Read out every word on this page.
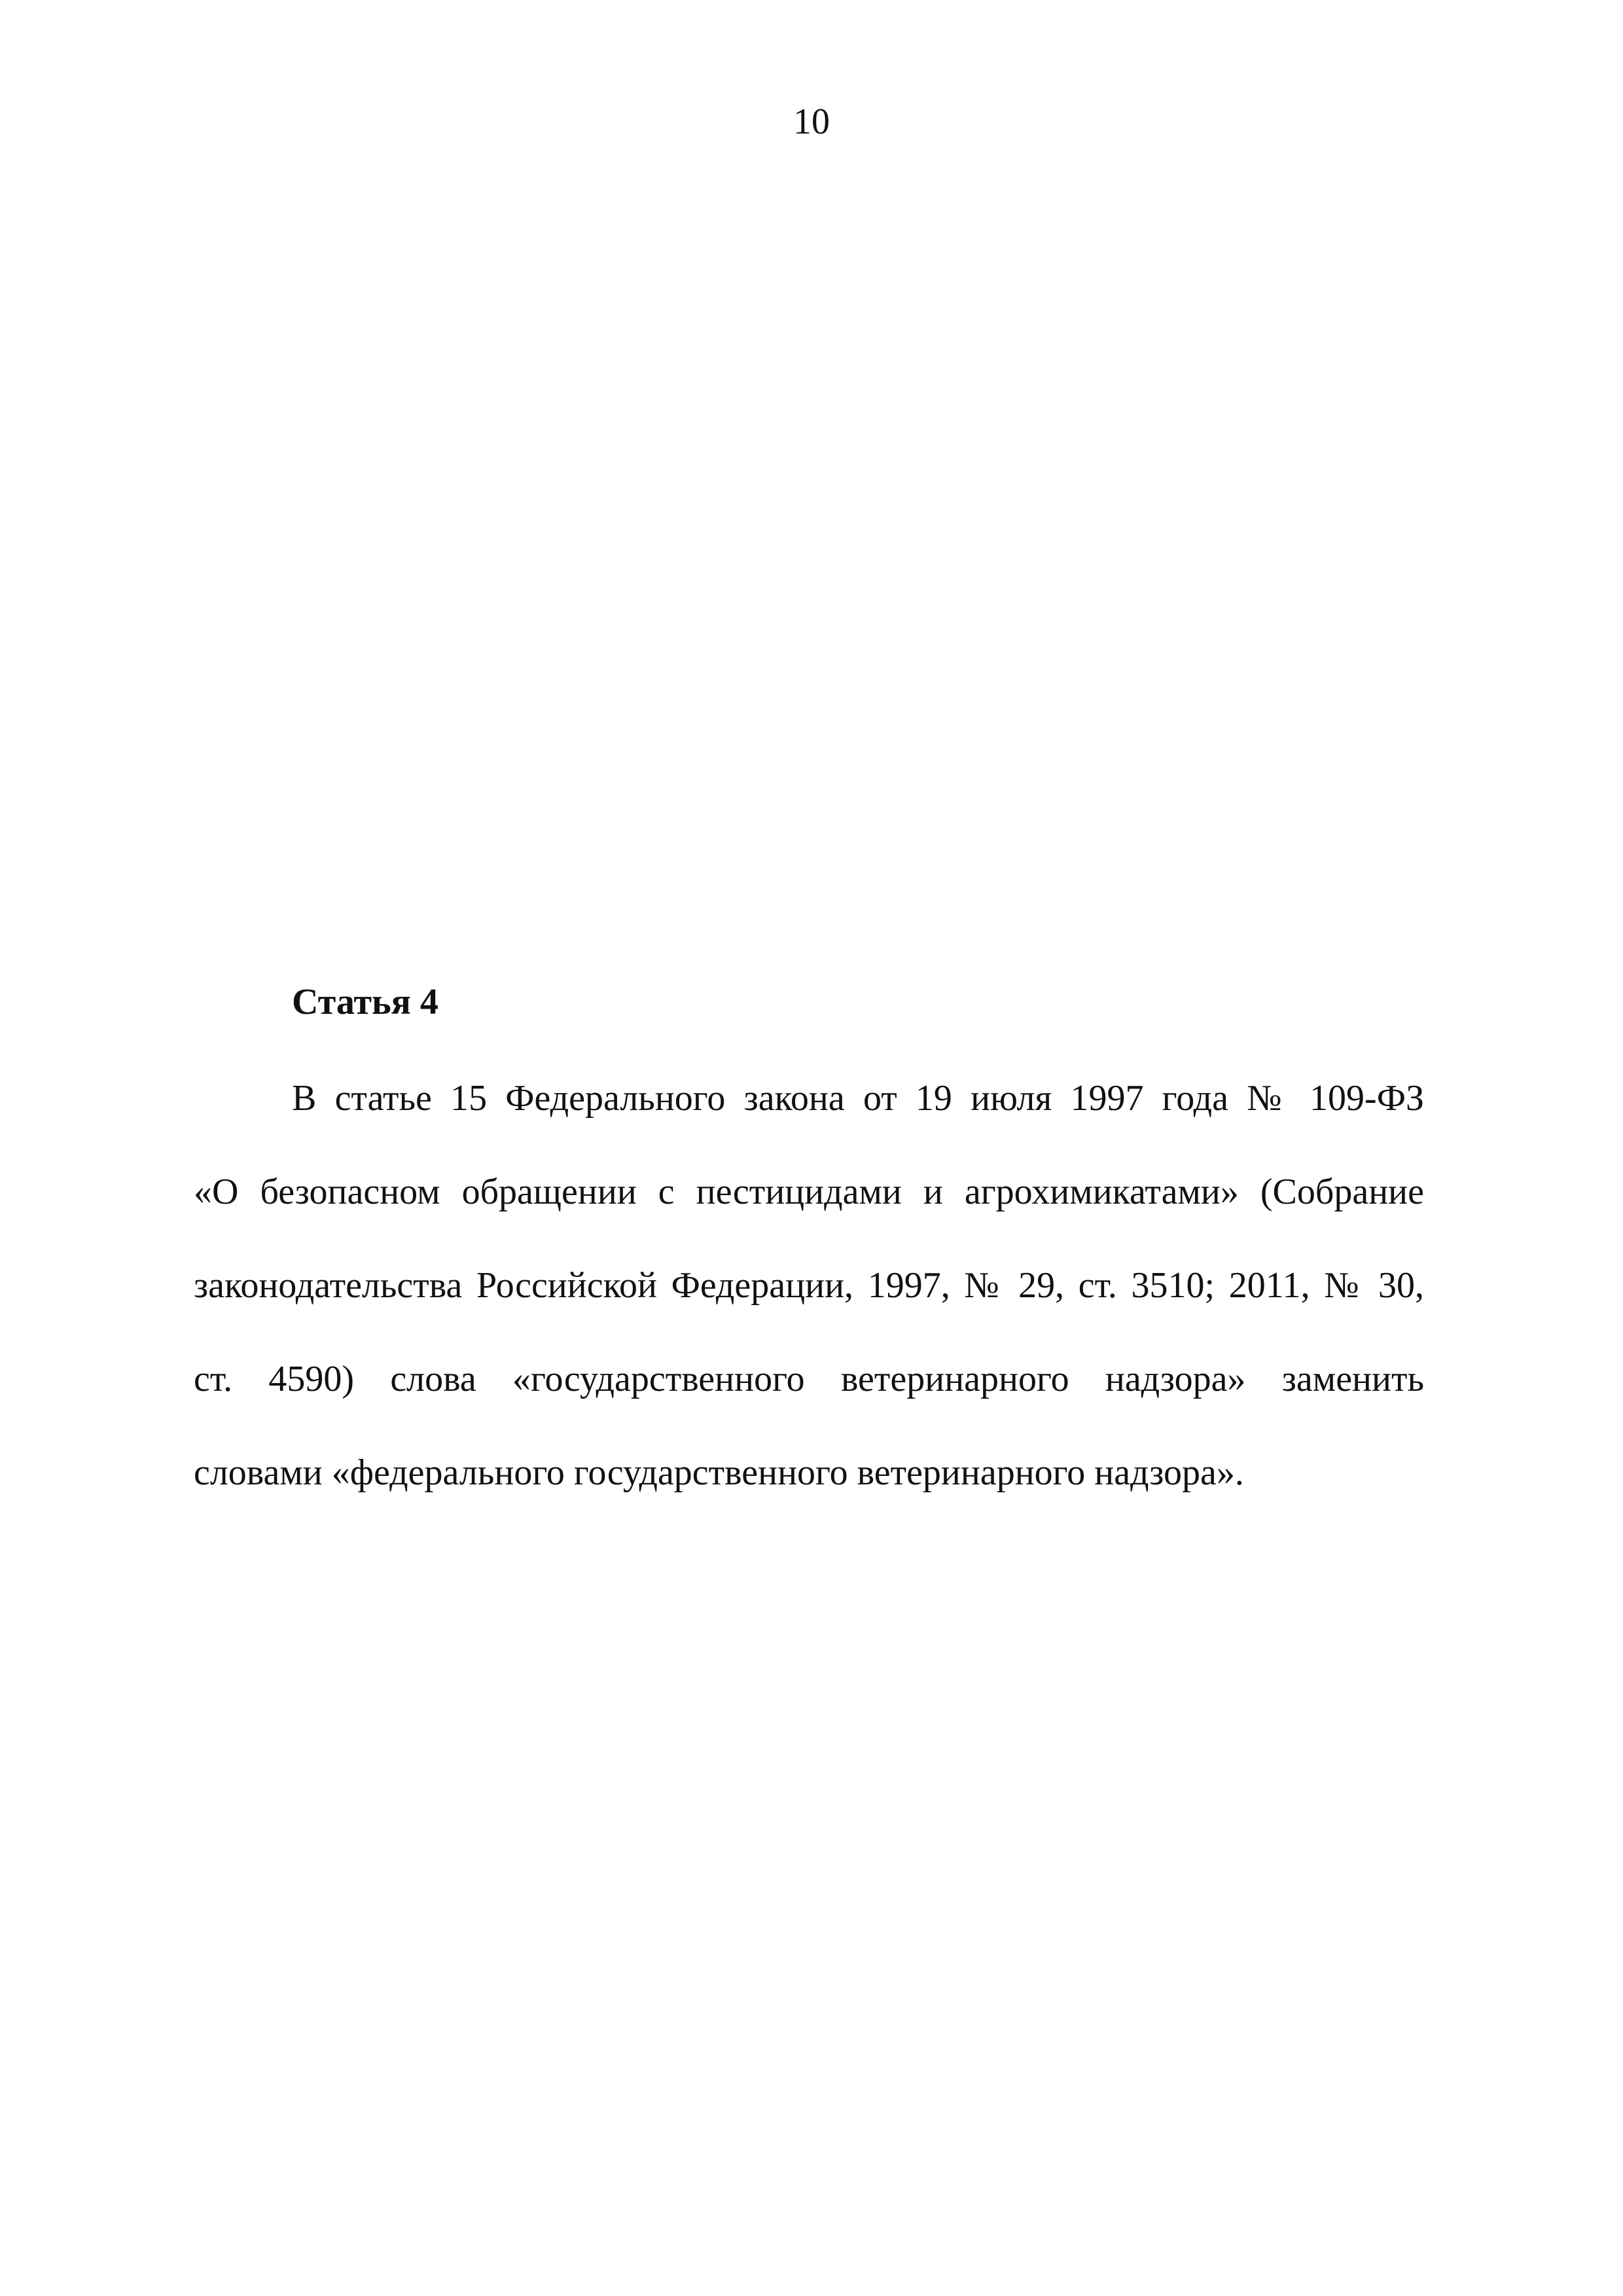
10
Статья 4
В статье 15 Федерального закона от 19 июля 1997 года № 109-ФЗ
«О безопасном обращении с пестицидами и агрохимикатами» (Собрание
законодательства Российской Федерации, 1997, № 29, ст. 3510; 2011, № 30,
ст. 4590) слова «государственного ветеринарного надзора» заменить
словами «федерального государственного ветеринарного надзора».
